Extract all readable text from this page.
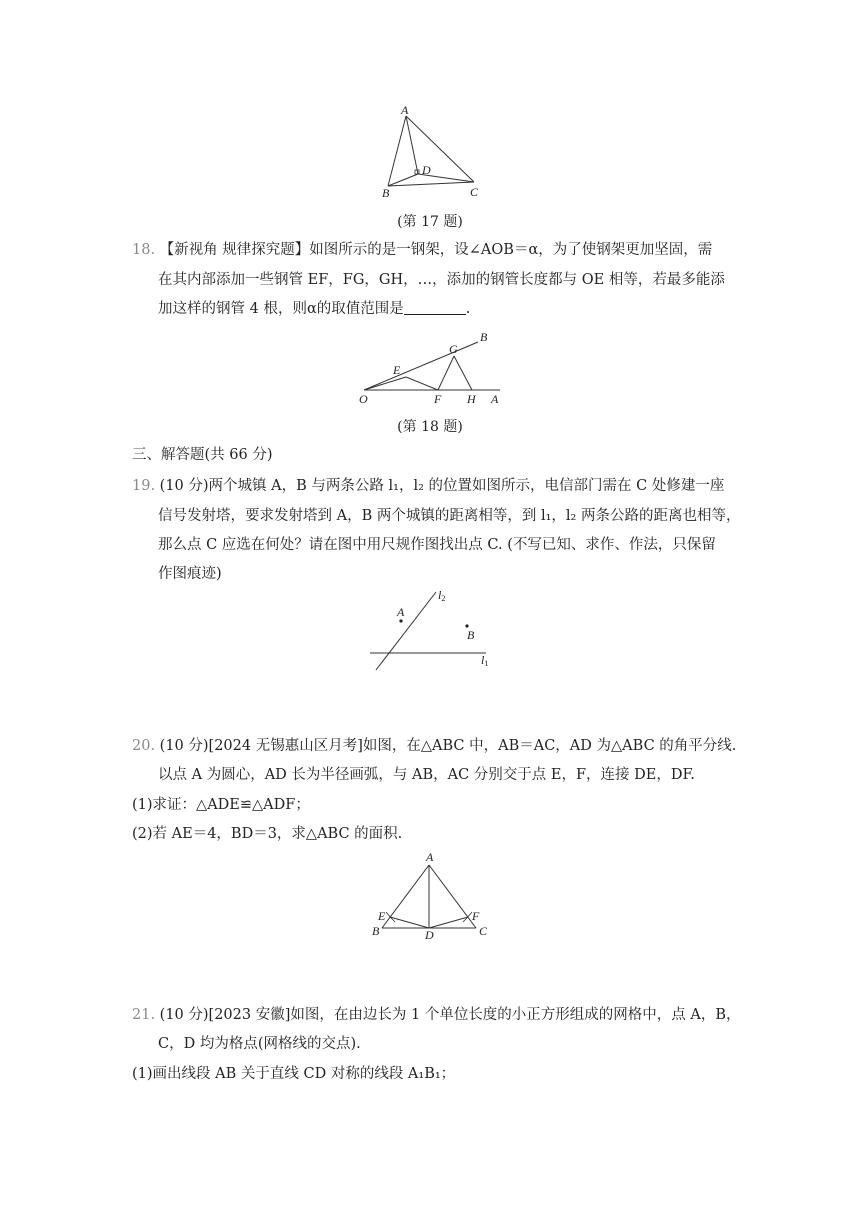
A
B	C
D
(第 17 题)
18. 【新视角 规律探究题】如图所示的是一钢架，设∠AOB＝α，为了使钢架更加坚固，需
在其内部添加一些钢管 EF，FG，GH，…，添加的钢管长度都与 OE 相等，若最多能添
加这样的钢管 4 根，则α的取值范围是	.
O
E
F
G
H A
B
(第 18 题)
三、解答题(共 66 分)
19. (10 分)两个城镇 A，B 与两条公路 l₁，l₂ 的位置如图所示，电信部门需在 C 处修建一座
信号发射塔，要求发射塔到 A，B 两个城镇的距离相等，到 l₁，l₂ 两条公路的距离也相等，
那么点 C 应选在何处？请在图中用尺规作图找出点 C. (不写已知、求作、作法，只保留
作图痕迹)
A
B
l2
l1
20. (10 分)[2024 无锡惠山区月考]如图，在△ABC 中，AB＝AC，AD 为△ABC 的角平分线.
以点 A 为圆心，AD 长为半径画弧，与 AB，AC 分别交于点 E，F，连接 DE，DF.
(1)求证：△ADE≌△ADF；
(2)若 AE＝4，BD＝3，求△ABC 的面积.
A
B	C
D
E	F
21. (10 分)[2023 安徽]如图，在由边长为 1 个单位长度的小正方形组成的网格中，点 A，B，
C，D 均为格点(网格线的交点).
(1)画出线段 AB 关于直线 CD 对称的线段 A₁B₁；
